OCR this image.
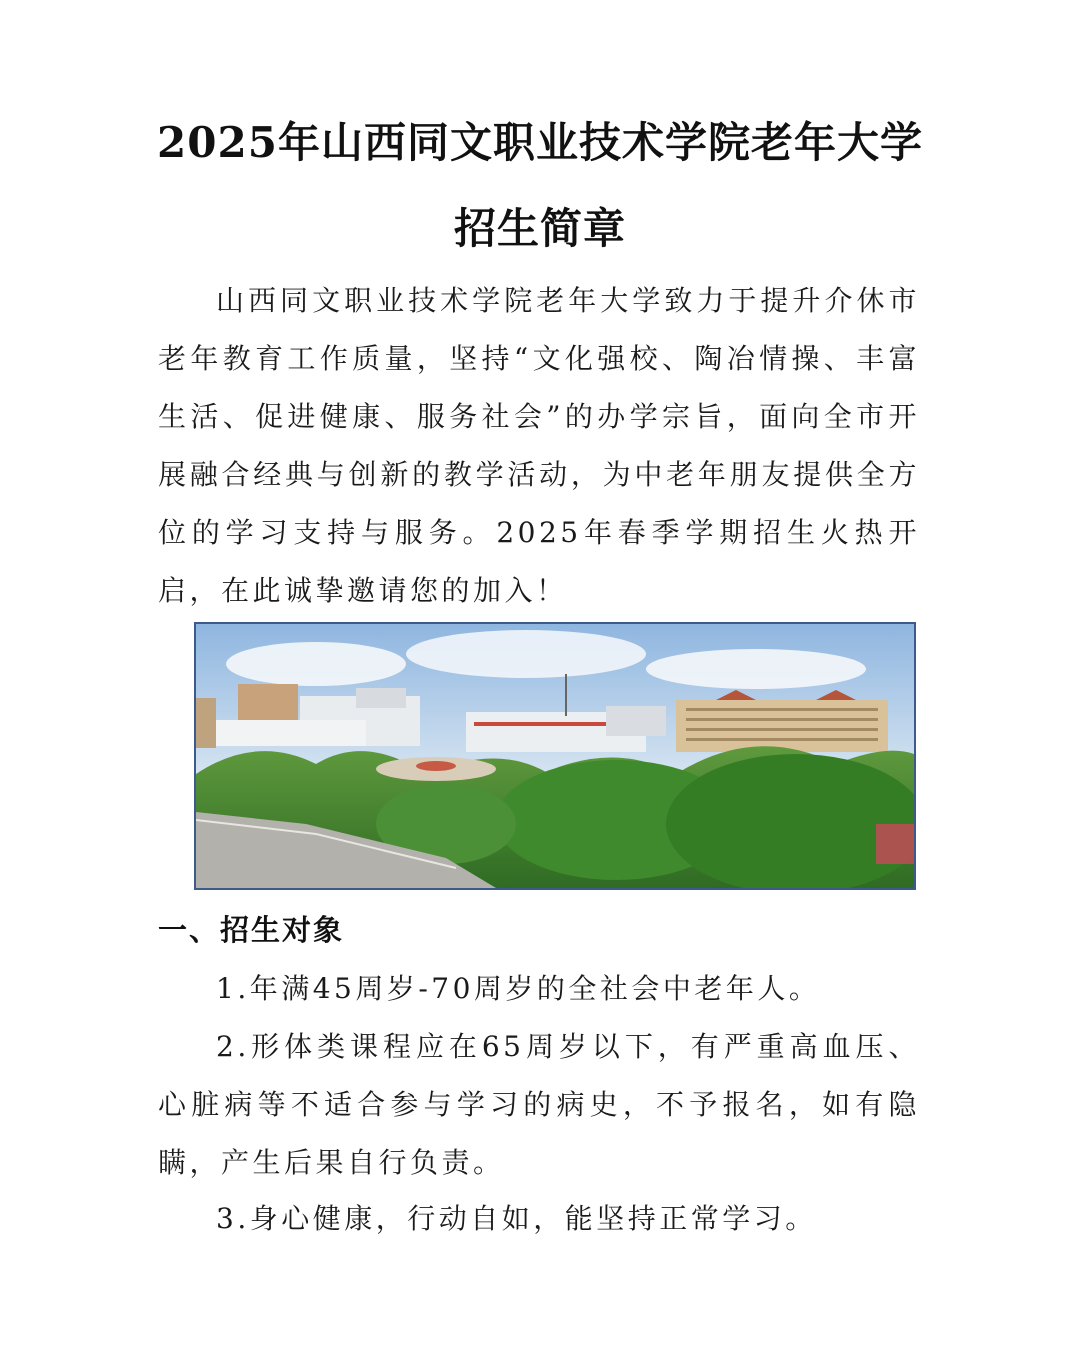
2025年山西同文职业技术学院老年大学
招生简章

山西同文职业技术学院老年大学致力于提升介休市老年教育工作质量，坚持“文化强校、陶冶情操、丰富生活、促进健康、服务社会”的办学宗旨，面向全市开展融合经典与创新的教学活动，为中老年朋友提供全方位的学习支持与服务。2025年春季学期招生火热开启，在此诚挚邀请您的加入！

一、招生对象

1.年满45周岁-70周岁的全社会中老年人。

2.形体类课程应在65周岁以下，有严重高血压、心脏病等不适合参与学习的病史，不予报名，如有隐瞒，产生后果自行负责。

3.身心健康，行动自如，能坚持正常学习。
